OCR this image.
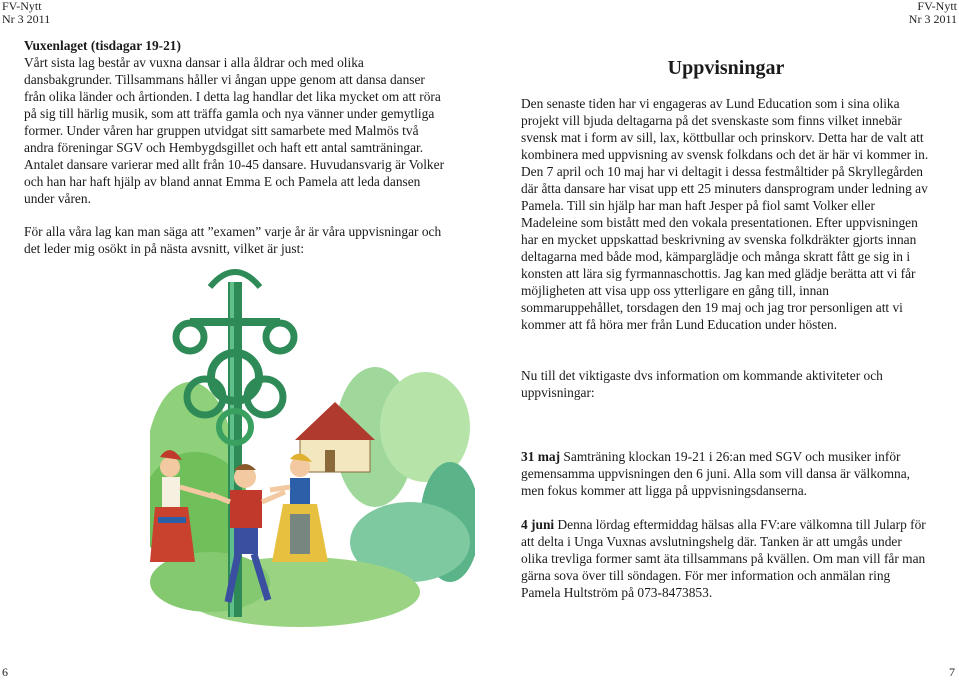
FV-Nytt
Nr 3 2011
FV-Nytt
Nr 3 2011

Vuxenlaget (tisdagar 19-21)

Vårt sista lag består av vuxna dansar i alla åldrar och med olika dansbakgrunder. Tillsammans håller vi ångan uppe genom att dansa danser från olika länder och årtionden. I detta lag handlar det lika mycket om att röra på sig till härlig musik, som att träffa gamla och nya vänner under gemytliga former. Under våren har gruppen utvidgat sitt samarbete med Malmös två andra föreningar SGV och Hembygdsgillet och haft ett antal samträningar. Antalet dansare varierar med allt från 10-45 dansare. Huvudansvarig är Volker och han har haft hjälp av bland annat Emma E och Pamela att leda dansen under våren.

För alla våra lag kan man säga att ”examen” varje år är våra uppvisningar och det leder mig osökt in på nästa avsnitt, vilket är just:

Uppvisningar

Den senaste tiden har vi engageras av Lund Education som i sina olika projekt vill bjuda deltagarna på det svenskaste som finns vilket innebär svensk mat i form av sill, lax, köttbullar och prinskorv. Detta har de valt att kombinera med uppvisning av svensk folkdans och det är här vi kommer in. Den 7 april och 10 maj har vi deltagit i dessa festmåltider på Skryllegården där åtta dansare har visat upp ett 25 minuters dansprogram under ledning av Pamela. Till sin hjälp har man haft Jesper på fiol samt Volker eller Madeleine som bistått med den vokala presentationen. Efter uppvisningen har en mycket uppskattad beskrivning av svenska folkdräkter gjorts innan deltagarna med både mod, kämparglädje och många skratt fått ge sig in i konsten att lära sig fyrmannaschottis. Jag kan med glädje berätta att vi får möjligheten att visa upp oss ytterligare en gång till, innan sommaruppehållet, torsdagen den 19 maj och jag tror personligen att vi kommer att få höra mer från Lund Education under hösten.

Nu till det viktigaste dvs information om kommande aktiviteter och uppvisningar:

31 maj Samträning klockan 19-21 i 26:an med SGV och musiker inför gemensamma uppvisningen den 6 juni. Alla som vill dansa är välkomna, men fokus kommer att ligga på uppvisningsdanserna.

4 juni Denna lördag eftermiddag hälsas alla FV:are välkomna till Jularp för att delta i Unga Vuxnas avslutningshelg där. Tanken är att umgås under olika trevliga former samt äta tillsammans på kvällen. Om man vill får man gärna sova över till söndagen. För mer information och anmälan ring Pamela Hultström på 073-8473853.

6	7
